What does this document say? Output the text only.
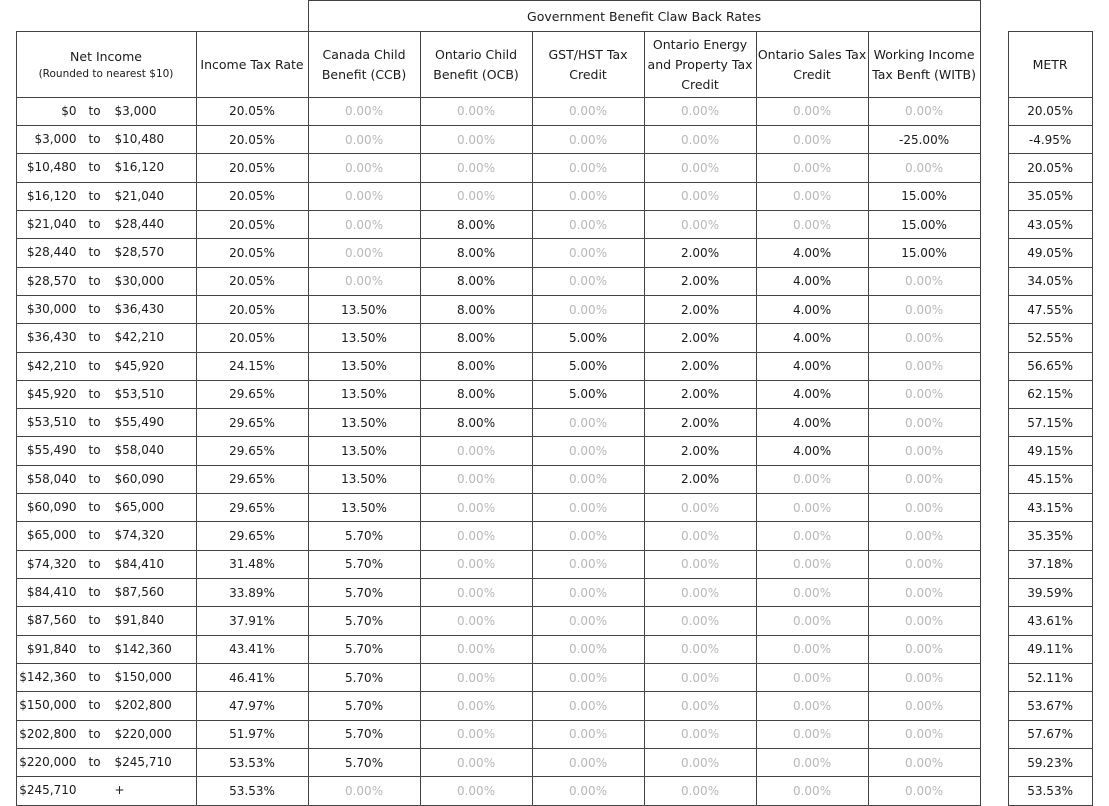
			Government Benefit Claw Back Rates								

	Net Income
(Rounded to nearest $10)	Income Tax Rate	Canada Child
Benefit (CCB)	Ontario Child
Benefit (OCB)	GST/HST Tax
Credit	Ontario Energy
and Property Tax
Credit	Ontario Sales Tax
Credit	Working Income
Tax Benft (WITB)		METR	

	$0 to $3,000	20.05%	0.00%	0.00%	0.00%	0.00%	0.00%	0.00%		20.05%	

	$3,000 to $10,480	20.05%	0.00%	0.00%	0.00%	0.00%	0.00%	-25.00%		-4.95%	

	$10,480 to $16,120	20.05%	0.00%	0.00%	0.00%	0.00%	0.00%	0.00%		20.05%	

	$16,120 to $21,040	20.05%	0.00%	0.00%	0.00%	0.00%	0.00%	15.00%		35.05%	

	$21,040 to $28,440	20.05%	0.00%	8.00%	0.00%	0.00%	0.00%	15.00%		43.05%	

	$28,440 to $28,570	20.05%	0.00%	8.00%	0.00%	2.00%	4.00%	15.00%		49.05%	

	$28,570 to $30,000	20.05%	0.00%	8.00%	0.00%	2.00%	4.00%	0.00%		34.05%	

	$30,000 to $36,430	20.05%	13.50%	8.00%	0.00%	2.00%	4.00%	0.00%		47.55%	

	$36,430 to $42,210	20.05%	13.50%	8.00%	5.00%	2.00%	4.00%	0.00%		52.55%	

	$42,210 to $45,920	24.15%	13.50%	8.00%	5.00%	2.00%	4.00%	0.00%		56.65%	

	$45,920 to $53,510	29.65%	13.50%	8.00%	5.00%	2.00%	4.00%	0.00%		62.15%	

	$53,510 to $55,490	29.65%	13.50%	8.00%	0.00%	2.00%	4.00%	0.00%		57.15%	

	$55,490 to $58,040	29.65%	13.50%	0.00%	0.00%	2.00%	4.00%	0.00%		49.15%	

	$58,040 to $60,090	29.65%	13.50%	0.00%	0.00%	2.00%	0.00%	0.00%		45.15%	

	$60,090 to $65,000	29.65%	13.50%	0.00%	0.00%	0.00%	0.00%	0.00%		43.15%	

	$65,000 to $74,320	29.65%	5.70%	0.00%	0.00%	0.00%	0.00%	0.00%		35.35%	

	$74,320 to $84,410	31.48%	5.70%	0.00%	0.00%	0.00%	0.00%	0.00%		37.18%	

	$84,410 to $87,560	33.89%	5.70%	0.00%	0.00%	0.00%	0.00%	0.00%		39.59%	

	$87,560 to $91,840	37.91%	5.70%	0.00%	0.00%	0.00%	0.00%	0.00%		43.61%	

	$91,840 to $142,360	43.41%	5.70%	0.00%	0.00%	0.00%	0.00%	0.00%		49.11%	

	$142,360 to $150,000	46.41%	5.70%	0.00%	0.00%	0.00%	0.00%	0.00%		52.11%	

	$150,000 to $202,800	47.97%	5.70%	0.00%	0.00%	0.00%	0.00%	0.00%		53.67%	

	$202,800 to $220,000	51.97%	5.70%	0.00%	0.00%	0.00%	0.00%	0.00%		57.67%	

	$220,000 to $245,710	53.53%	5.70%	0.00%	0.00%	0.00%	0.00%	0.00%		59.23%	

	$245,710 +	53.53%	0.00%	0.00%	0.00%	0.00%	0.00%	0.00%		53.53%	
